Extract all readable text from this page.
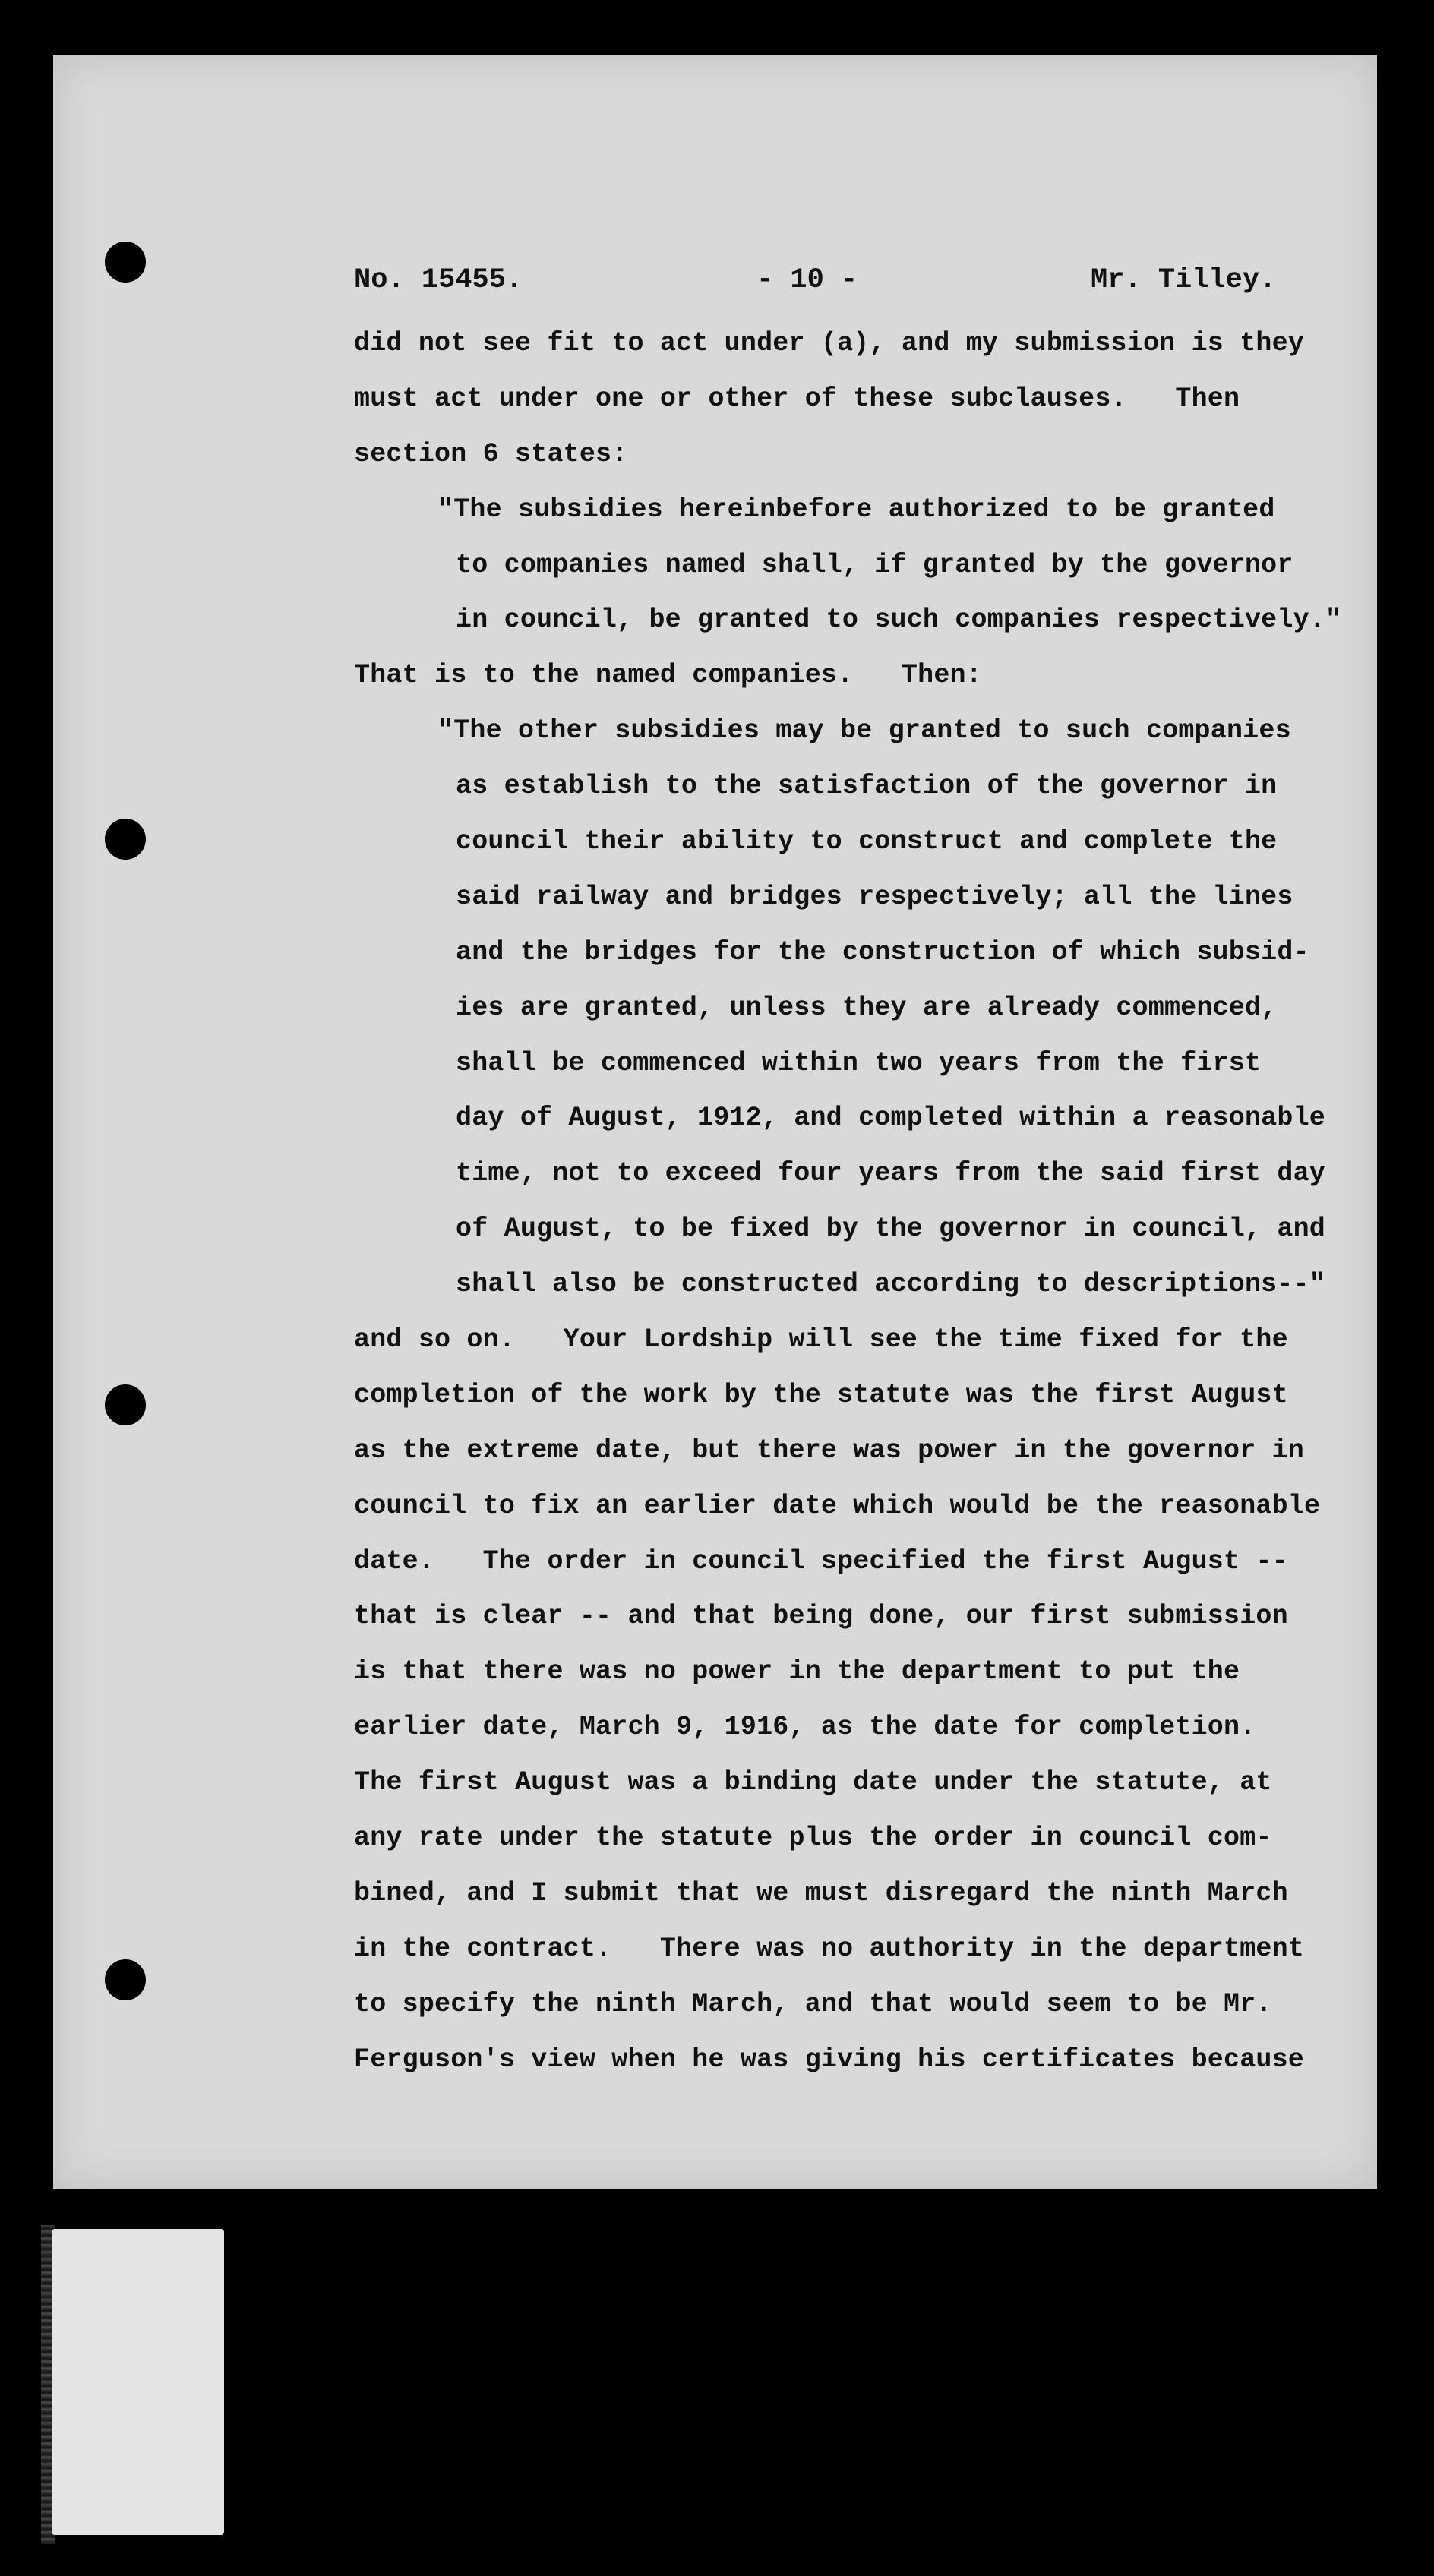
No. 15455.	- 10 -	Mr. Tilley.
did not see fit to act under (a), and my submission is they
must act under one or other of these subclauses.   Then
section 6 states:
"The subsidies hereinbefore authorized to be granted
to companies named shall, if granted by the governor
in council, be granted to such companies respectively."
That is to the named companies.   Then:
"The other subsidies may be granted to such companies
as establish to the satisfaction of the governor in
council their ability to construct and complete the
said railway and bridges respectively; all the lines
and the bridges for the construction of which subsid-
ies are granted, unless they are already commenced,
shall be commenced within two years from the first
day of August, 1912, and completed within a reasonable
time, not to exceed four years from the said first day
of August, to be fixed by the governor in council, and
shall also be constructed according to descriptions--"
and so on.   Your Lordship will see the time fixed for the
completion of the work by the statute was the first August
as the extreme date, but there was power in the governor in
council to fix an earlier date which would be the reasonable
date.   The order in council specified the first August --
that is clear -- and that being done, our first submission
is that there was no power in the department to put the
earlier date, March 9, 1916, as the date for completion.
The first August was a binding date under the statute, at
any rate under the statute plus the order in council com-
bined, and I submit that we must disregard the ninth March
in the contract.   There was no authority in the department
to specify the ninth March, and that would seem to be Mr.
Ferguson's view when he was giving his certificates because
